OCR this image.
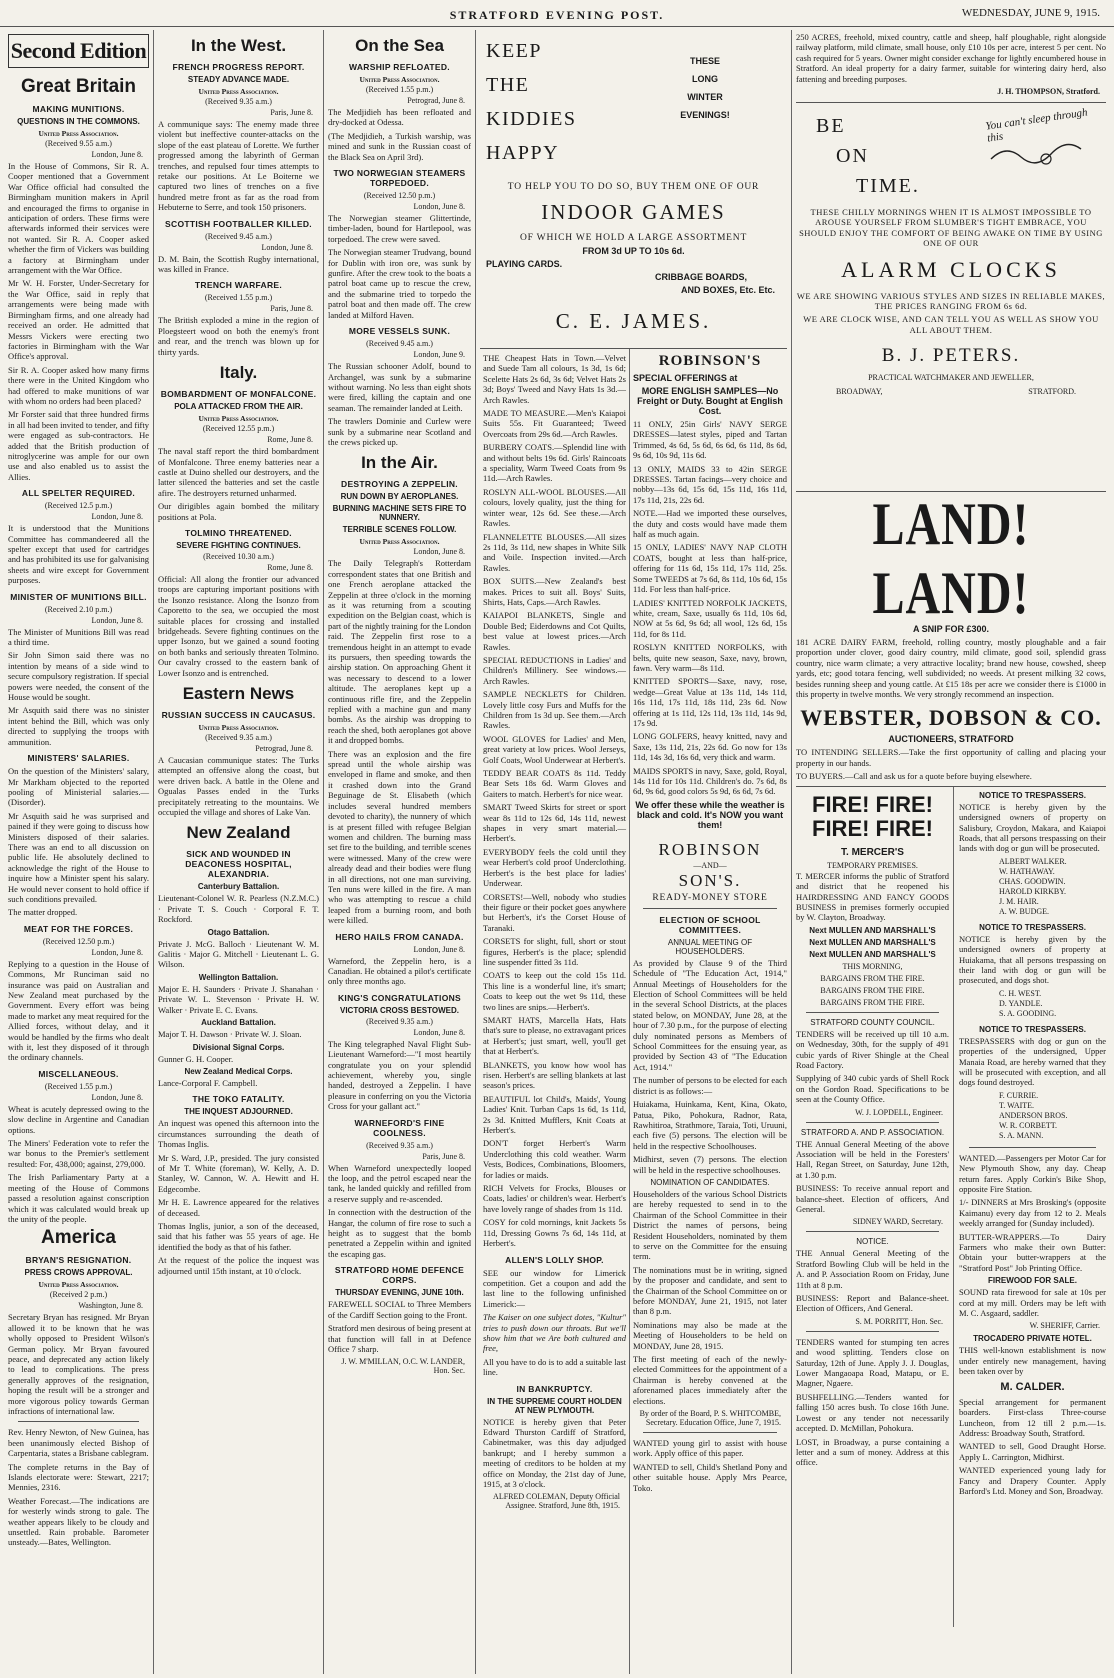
STRATFORD EVENING POST.	WEDNESDAY, JUNE 9, 1915.
Second Edition
Great Britain
MAKING MUNITIONS.
QUESTIONS IN THE COMMONS.
United Press Association.
(Received 9.55 a.m.)
London, June 8.

In the House of Commons, Sir R. A. Cooper mentioned that a Government War Office official had consulted the Birmingham munition makers in April and encouraged the firms to organise in anticipation of orders. These firms were afterwards informed their services were not wanted. Sir R. A. Cooper asked whether the firm of Vickers was building a factory at Birmingham under arrangement with the War Office.

Mr W. H. Forster, Under-Secretary for the War Office, said in reply that arrangements were being made with Birmingham firms, and one already had received an order. He admitted that Messrs Vickers were erecting two factories in Birmingham with the War Office's approval.

Sir R. A. Cooper asked how many firms there were in the United Kingdom who had offered to make munitions of war with whom no orders had been placed?

Mr Forster said that three hundred firms in all had been invited to tender, and fifty were engaged as sub-contractors. He added that the British production of nitroglycerine was ample for our own use and also enabled us to assist the Allies.

ALL SPELTER REQUIRED.
(Received 12.5 p.m.)
London, June 8.

It is understood that the Munitions Committee has commandeered all the spelter except that used for cartridges and has prohibited its use for galvanising sheets and wire except for Government purposes.

MINISTER OF MUNITIONS BILL.
(Received 2.10 p.m.)
London, June 8.

The Minister of Munitions Bill was read a third time.

Sir John Simon said there was no intention by means of a side wind to secure compulsory registration. If special powers were needed, the consent of the House would be sought.

Mr Asquith said there was no sinister intent behind the Bill, which was only directed to supplying the troops with ammunition.

MINISTERS' SALARIES.

On the question of the Ministers' salary, Mr Markham objected to the reported pooling of Ministerial salaries.—(Disorder).

Mr Asquith said he was surprised and pained if they were going to discuss how Ministers disposed of their salaries. There was an end to all discussion on public life. He absolutely declined to acknowledge the right of the House to inquire how a Minister spent his salary. He would never consent to hold office if such conditions prevailed.

The matter dropped.

MEAT FOR THE FORCES.
(Received 12.50 p.m.)
London, June 8.

Replying to a question in the House of Commons, Mr Runciman said no insurance was paid on Australian and New Zealand meat purchased by the Government. Every effort was being made to market any meat required for the Allied forces, without delay, and it would be handled by the firms who dealt with it, lest they disposed of it through the ordinary channels.

MISCELLANEOUS.
(Received 1.55 p.m.)
London, June 8.

Wheat is acutely depressed owing to the slow decline in Argentine and Canadian options.

The Miners' Federation vote to refer the war bonus to the Premier's settlement resulted: For, 438,000; against, 279,000.

The Irish Parliamentary Party at a meeting of the House of Commons passed a resolution against conscription which it was calculated would break up the unity of the people.

America
BRYAN'S RESIGNATION.
PRESS CROWS APPROVAL.
United Press Association.
(Received 2 p.m.)
Washington, June 8.

Secretary Bryan has resigned. Mr Bryan allowed it to be known that he was wholly opposed to President Wilson's German policy. Mr Bryan favoured peace, and deprecated any action likely to lead to complications. The press generally approves of the resignation, hoping the result will be a stronger and more vigorous policy towards German infractions of international law.

Rev. Henry Newton, of New Guinea, has been unanimously elected Bishop of Carpentaria, states a Brisbane cablegram.

The complete returns in the Bay of Islands electorate were: Stewart, 2217; Mennies, 2316.

Weather Forecast.—The indications are for westerly winds strong to gale. The weather appears likely to be cloudy and unsettled. Rain probable. Barometer unsteady.—Bates, Wellington.

In the West.
FRENCH PROGRESS REPORT.
STEADY ADVANCE MADE.
United Press Association.
(Received 9.35 a.m.)
Paris, June 8.

A communique says: The enemy made three violent but ineffective counter-attacks on the slope of the east plateau of Lorette. We further progressed among the labyrinth of German trenches, and repulsed four times attempts to retake our positions. At Le Boiterne we captured two lines of trenches on a five hundred metre front as far as the road from Hebuterne to Serre, and took 150 prisoners.

SCOTTISH FOOTBALLER KILLED.
(Received 9.45 a.m.)
London, June 8.

D. M. Bain, the Scottish Rugby international, was killed in France.

TRENCH WARFARE.
(Received 1.55 p.m.)
Paris, June 8.

The British exploded a mine in the region of Ploegsteert wood on both the enemy's front and rear, and the trench was blown up for thirty yards.

Italy.
BOMBARDMENT OF MONFALCONE.
POLA ATTACKED FROM THE AIR.
United Press Association.
(Received 12.55 p.m.)
Rome, June 8.

The naval staff report the third bombardment of Monfalcone. Three enemy batteries near a castle at Duino shelled our destroyers, and the latter silenced the batteries and set the castle afire. The destroyers returned unharmed.

Our dirigibles again bombed the military positions at Pola.

TOLMINO THREATENED.
SEVERE FIGHTING CONTINUES.
(Received 10.30 a.m.)
Rome, June 8.

Official: All along the frontier our advanced troops are capturing important positions with the Isonzo resistance. Along the Isonzo from Caporetto to the sea, we occupied the most suitable places for crossing and installed bridgeheads. Severe fighting continues on the upper Isonzo, but we gained a sound footing on both banks and seriously threaten Tolmino. Our cavalry crossed to the eastern bank of Lower Isonzo and is entrenched.

Eastern News
RUSSIAN SUCCESS IN CAUCASUS.
United Press Association.
(Received 9.35 a.m.)
Petrograd, June 8.

A Caucasian communique states: The Turks attempted an offensive along the coast, but were driven back. A battle in the Olene and Ogualas Passes ended in the Turks precipitately retreating to the mountains. We occupied the village and shores of Lake Van.

New Zealand
SICK AND WOUNDED IN DEACONESS HOSPITAL, ALEXANDRIA.
Canterbury Battalion.

Lieutenant-Colonel W. R. Pearless (N.Z.M.C.) · Private T. S. Couch · Corporal F. T. Rockford.

Otago Battalion.

Private J. McG. Balloch · Lieutenant W. M. Galitis · Major G. Mitchell · Lieutenant L. G. Wilson.

Wellington Battalion.

Major E. H. Saunders · Private J. Shanahan · Private W. L. Stevenson · Private H. W. Walker · Private E. C. Evans.

Auckland Battalion.

Major T. H. Dawson · Private W. J. Sloan.

Divisional Signal Corps.

Gunner G. H. Cooper.

New Zealand Medical Corps.

Lance-Corporal F. Campbell.

THE TOKO FATALITY.
THE INQUEST ADJOURNED.

An inquest was opened this afternoon into the circumstances surrounding the death of Thomas Inglis.

Mr S. Ward, J.P., presided. The jury consisted of Mr T. White (foreman), W. Kelly, A. D. Stanley, W. Cannon, W. A. Hewitt and H. Edgecombe.

Mr H. E. Lawrence appeared for the relatives of deceased.

Thomas Inglis, junior, a son of the deceased, said that his father was 55 years of age. He identified the body as that of his father.

At the request of the police the inquest was adjourned until 15th instant, at 10 o'clock.

On the Sea
WARSHIP REFLOATED.
United Press Association.
(Received 1.55 p.m.)
Petrograd, June 8.

The Medjidieh has been refloated and dry-docked at Odessa.

(The Medjidieh, a Turkish warship, was mined and sunk in the Russian coast of the Black Sea on April 3rd).

TWO NORWEGIAN STEAMERS TORPEDOED.
(Received 12.50 p.m.)
London, June 8.

The Norwegian steamer Glittertinde, timber-laden, bound for Hartlepool, was torpedoed. The crew were saved.

The Norwegian steamer Trudvang, bound for Dublin with iron ore, was sunk by gunfire. After the crew took to the boats a patrol boat came up to rescue the crew, and the submarine tried to torpedo the patrol boat and then made off. The crew landed at Milford Haven.

MORE VESSELS SUNK.
(Received 9.45 a.m.)
London, June 9.

The Russian schooner Adolf, bound to Archangel, was sunk by a submarine without warning. No less than eight shots were fired, killing the captain and one seaman. The remainder landed at Leith.

The trawlers Dominie and Curlew were sunk by a submarine near Scotland and the crews picked up.

In the Air.
DESTROYING A ZEPPELIN.
RUN DOWN BY AEROPLANES.
BURNING MACHINE SETS FIRE TO NUNNERY.
TERRIBLE SCENES FOLLOW.
United Press Association.
London, June 8.

The Daily Telegraph's Rotterdam correspondent states that one British and one French aeroplane attacked the Zeppelin at three o'clock in the morning as it was returning from a scouting expedition on the Belgian coast, which is part of the nightly training for the London raid. The Zeppelin first rose to a tremendous height in an attempt to evade its pursuers, then speeding towards the airship station. On approaching Ghent it was necessary to descend to a lower altitude. The aeroplanes kept up a continuous rifle fire, and the Zeppelin replied with a machine gun and many bombs. As the airship was dropping to reach the shed, both aeroplanes got above it and dropped bombs.

There was an explosion and the fire spread until the whole airship was enveloped in flame and smoke, and then it crashed down into the Grand Beguinage de St. Elisabeth (which includes several hundred members devoted to charity), the nunnery of which is at present filled with refugee Belgian women and children. The burning mass set fire to the building, and terrible scenes were witnessed. Many of the crew were already dead and their bodies were flung in all directions, not one man surviving. Ten nuns were killed in the fire. A man who was attempting to rescue a child leaped from a burning room, and both were killed.

HERO HAILS FROM CANADA.
London, June 8.

Warneford, the Zeppelin hero, is a Canadian. He obtained a pilot's certificate only three months ago.

KING'S CONGRATULATIONS
VICTORIA CROSS BESTOWED.
(Received 9.35 a.m.)
London, June 8.

The King telegraphed Naval Flight Sub-Lieutenant Warneford:—"I most heartily congratulate you on your splendid achievement, whereby you, single handed, destroyed a Zeppelin. I have pleasure in conferring on you the Victoria Cross for your gallant act."

WARNEFORD'S FINE COOLNESS.
(Received 9.35 a.m.)
Paris, June 8.

When Warneford unexpectedly looped the loop, and the petrol escaped near the tank, he landed quickly and refilled from a reserve supply and re-ascended.

In connection with the destruction of the Hangar, the column of fire rose to such a height as to suggest that the bomb penetrated a Zeppelin within and ignited the escaping gas.

STRATFORD HOME DEFENCE CORPS.
THURSDAY EVENING, JUNE 10th.

FAREWELL SOCIAL to Three Members of the Cardiff Section going to the Front.

Stratford men desirous of being present at that function will fall in at Defence Office 7 sharp.

J. W. M'MILLAN, O.C. W. LANDER, Hon. Sec.
KEEP
THE
KIDDIES
HAPPY
THESE
LONG
WINTER
EVENINGS!
TO HELP YOU TO DO SO, BUY THEM ONE OF OUR
INDOOR GAMES
OF WHICH WE HOLD A LARGE ASSORTMENT
FROM 3d UP TO 10s 6d.
PLAYING CARDS.
CRIBBAGE BOARDS,
AND BOXES, Etc. Etc.
C. E. JAMES.

THE Cheapest Hats in Town.—Velvet and Suede Tam all colours, 1s 3d, 1s 6d; Scelette Hats 2s 6d, 3s 6d; Velvet Hats 2s 3d; Boys' Tweed and Navy Hats 1s 3d.—Arch Rawles.

MADE TO MEASURE.—Men's Kaiapoi Suits 55s. Fit Guaranteed; Tweed Overcoats from 29s 6d.—Arch Rawles.

BURBERY COATS.—Splendid line with and without belts 19s 6d. Girls' Raincoats a speciality, Warm Tweed Coats from 9s 11d.—Arch Rawles.

ROSLYN ALL-WOOL BLOUSES.—All colours, lovely quality, just the thing for winter wear, 12s 6d. See these.—Arch Rawles.

FLANNELETTE BLOUSES.—All sizes 2s 11d, 3s 11d, new shapes in White Silk and Voile. Inspection invited.—Arch Rawles.

BOX SUITS.—New Zealand's best makes. Prices to suit all. Boys' Suits, Shirts, Hats, Caps.—Arch Rawles.

KAIAPOI BLANKETS, Single and Double Bed; Eiderdowns and Cot Quilts, best value at lowest prices.—Arch Rawles.

SPECIAL REDUCTIONS in Ladies' and Children's Millinery. See windows.—Arch Rawles.

SAMPLE NECKLETS for Children. Lovely little cosy Furs and Muffs for the Children from 1s 3d up. See them.—Arch Rawles.

WOOL GLOVES for Ladies' and Men, great variety at low prices. Wool Jerseys, Golf Coats, Wool Underwear at Herbert's.

TEDDY BEAR COATS 8s 11d. Teddy Bear Sets 18s 6d. Warm Gloves and Gaiters to match. Herbert's for nice wear.

SMART Tweed Skirts for street or sport wear 8s 11d to 12s 6d, 14s 11d, newest shapes in very smart material.—Herbert's.

EVERYBODY feels the cold until they wear Herbert's cold proof Underclothing. Herbert's is the best place for ladies' Underwear.

CORSETS!—Well, nobody who studies their figure or their pocket goes anywhere but Herbert's, it's the Corset House of Taranaki.

CORSETS for slight, full, short or stout figures, Herbert's is the place; splendid line suspender fitted 3s 11d.

COATS to keep out the cold 15s 11d. This line is a wonderful line, it's smart; Coats to keep out the wet 9s 11d, these two lines are snips.—Herbert's.

SMART HATS, Marcella Hats, Hats that's sure to please, no extravagant prices at Herbert's; just smart, well, you'll get that at Herbert's.

BLANKETS, you know how wool has risen. Herbert's are selling blankets at last season's prices.

BEAUTIFUL lot Child's, Maids', Young Ladies' Knit. Turban Caps 1s 6d, 1s 11d, 2s 3d. Knitted Mufflers, Knit Coats at Herbert's.

DON'T forget Herbert's Warm Underclothing this cold weather. Warm Vests, Bodices, Combinations, Bloomers, for ladies or maids.

RICH Velvets for Frocks, Blouses or Coats, ladies' or children's wear. Herbert's have lovely range of shades from 1s 11d.

COSY for cold mornings, knit Jackets 5s 11d, Dressing Gowns 7s 6d, 14s 11d, at Herbert's.

ALLEN'S LOLLY SHOP.

SEE our window for Limerick competition. Get a coupon and add the last line to the following unfinished Limerick:—

The Kaiser on one subject dotes, "Kultur" tries to push down our throats. But we'll show him that we Are both cultured and free,

All you have to do is to add a suitable last line.

IN BANKRUPTCY.
IN THE SUPREME COURT HOLDEN AT NEW PLYMOUTH.

NOTICE is hereby given that Peter Edward Thurston Cardiff of Stratford, Cabinetmaker, was this day adjudged bankrupt; and I hereby summon a meeting of creditors to be holden at my office on Monday, the 21st day of June, 1915, at 3 o'clock.

ALFRED COLEMAN, Deputy Official Assignee. Stratford, June 8th, 1915.
ROBINSON'S
SPECIAL OFFERINGS at
MORE ENGLISH SAMPLES—No Freight or Duty. Bought at English Cost.

11 ONLY, 25in Girls' NAVY SERGE DRESSES—latest styles, piped and Tartan Trimmed, 4s 6d, 5s 6d, 6s 6d, 6s 11d, 8s 6d, 9s 6d, 10s 9d, 11s 6d.

13 ONLY, MAIDS 33 to 42in SERGE DRESSES. Tartan facings—very choice and nobby—13s 6d, 15s 6d, 15s 11d, 16s 11d, 17s 11d, 21s, 22s 6d.

NOTE.—Had we imported these ourselves, the duty and costs would have made them half as much again.

15 ONLY, LADIES' NAVY NAP CLOTH COATS, bought at less than half-price, offering for 11s 6d, 15s 11d, 17s 11d, 25s. Some TWEEDS at 7s 6d, 8s 11d, 10s 6d, 15s 11d. For less than half-price.

LADIES' KNITTED NORFOLK JACKETS, white, cream, Saxe, usually 6s 11d, 10s 6d, NOW at 5s 6d, 9s 6d; all wool, 12s 6d, 15s 11d, for 8s 11d.

ROSLYN KNITTED NORFOLKS, with belts, quite new season, Saxe, navy, brown, fawn. Very warm—8s 11d.

KNITTED SPORTS—Saxe, navy, rose, wedge—Great Value at 13s 11d, 14s 11d, 16s 11d, 17s 11d, 18s 11d, 23s 6d. Now offering at 1s 11d, 12s 11d, 13s 11d, 14s 9d, 17s 9d.

LONG GOLFERS, heavy knitted, navy and Saxe, 13s 11d, 21s, 22s 6d. Go now for 13s 11d, 14s 3d, 16s 6d, very thick and warm.

MAIDS SPORTS in navy, Saxe, gold, Royal, 14s 11d for 10s 11d. Children's do. 7s 6d, 8s 6d, 9s 6d, good colors 5s 9d, 6s 6d, 7s 6d.

We offer these while the weather is black and cold. It's NOW you want them!
ROBINSON
—AND—
SON'S.
READY-MONEY STORE
ELECTION OF SCHOOL COMMITTEES.
ANNUAL MEETING OF HOUSEHOLDERS.

As provided by Clause 9 of the Third Schedule of "The Education Act, 1914," Annual Meetings of Householders for the Election of School Committees will be held in the several School Districts, at the places stated below, on MONDAY, June 28, at the hour of 7.30 p.m., for the purpose of electing duly nominated persons as Members of School Committees for the ensuing year, as provided by Section 43 of "The Education Act, 1914."

The number of persons to be elected for each district is as follows:—

Huiakama, Huinkama, Kent, Kina, Okato, Patua, Piko, Pohokura, Radnor, Rata, Rawhitiroa, Strathmore, Taraia, Toti, Uruuni, each five (5) persons. The election will be held in the respective Schoolhouses.

Midhirst, seven (7) persons. The election will be held in the respective schoolhouses.

NOMINATION OF CANDIDATES.

Householders of the various School Districts are hereby requested to send in to the Chairman of the School Committee in their District the names of persons, being Resident Householders, nominated by them to serve on the Committee for the ensuing term.

The nominations must be in writing, signed by the proposer and candidate, and sent to the Chairman of the School Committee on or before MONDAY, June 21, 1915, not later than 8 p.m.

Nominations may also be made at the Meeting of Householders to be held on MONDAY, June 28, 1915.

The first meeting of each of the newly-elected Committees for the appointment of a Chairman is hereby convened at the aforenamed places immediately after the elections.

By order of the Board, P. S. WHITCOMBE, Secretary. Education Office, June 7, 1915.

WANTED young girl to assist with house work. Apply office of this paper.

WANTED to sell, Child's Shetland Pony and other suitable house. Apply Mrs Pearce, Toko.

250 ACRES, freehold, mixed country, cattle and sheep, half ploughable, right alongside railway platform, mild climate, small house, only £10 10s per acre, interest 5 per cent. No cash required for 5 years. Owner might consider exchange for lightly encumbered house in Stratford. An ideal property for a dairy farmer, suitable for wintering dairy herd, also fattening and breeding purposes.

J. H. THOMPSON, Stratford.
BE
ON
TIME.
You can't sleep through this

THESE CHILLY MORNINGS WHEN IT IS ALMOST IMPOSSIBLE TO AROUSE YOURSELF FROM SLUMBER'S TIGHT EMBRACE, YOU SHOULD ENJOY THE COMFORT OF BEING AWAKE ON TIME BY USING ONE OF OUR

ALARM CLOCKS

WE ARE SHOWING VARIOUS STYLES AND SIZES IN RELIABLE MAKES, THE PRICES RANGING FROM 6s 6d.

WE ARE CLOCK WISE, AND CAN TELL YOU AS WELL AS SHOW YOU ALL ABOUT THEM.

B. J. PETERS.
PRACTICAL WATCHMAKER AND JEWELLER,
BROADWAY,	STRATFORD.
LAND! LAND!
A SNIP FOR £300.

181 ACRE DAIRY FARM, freehold, rolling country, mostly ploughable and a fair proportion under clover, good dairy country, mild climate, good soil, splendid grass country, nice warm climate; a very attractive locality; brand new house, cowshed, sheep yards, etc; good totara fencing, well subdivided; no weeds. At present milking 32 cows, besides running sheep and young cattle. At £15 18s per acre we consider there is £1000 in this property in twelve months. We very strongly recommend an inspection.

WEBSTER, DOBSON & CO.
AUCTIONEERS, STRATFORD

TO INTENDING SELLERS.—Take the first opportunity of calling and placing your property in our hands.

TO BUYERS.—Call and ask us for a quote before buying elsewhere.

FIRE! FIRE! FIRE! FIRE!
T. MERCER'S
TEMPORARY PREMISES.

T. MERCER informs the public of Stratford and district that he reopened his HAIRDRESSING AND FANCY GOODS BUSINESS in premises formerly occupied by W. Clayton, Broadway.

Next MULLEN AND MARSHALL'S
Next MULLEN AND MARSHALL'S
Next MULLEN AND MARSHALL'S
THIS MORNING,
BARGAINS FROM THE FIRE.
BARGAINS FROM THE FIRE.
BARGAINS FROM THE FIRE.
STRATFORD COUNTY COUNCIL.

TENDERS will be received up till 10 a.m. on Wednesday, 30th, for the supply of 491 cubic yards of River Shingle at the Cheal Road Factory.

Supplying of 340 cubic yards of Shell Rock on the Gordon Road. Specifications to be seen at the County Office.

W. J. LOPDELL, Engineer.
STRATFORD A. AND P. ASSOCIATION.

THE Annual General Meeting of the above Association will be held in the Foresters' Hall, Regan Street, on Saturday, June 12th, at 1.30 p.m.

BUSINESS: To receive annual report and balance-sheet. Election of officers, And General.

SIDNEY WARD, Secretary.
NOTICE.

THE Annual General Meeting of the Stratford Bowling Club will be held in the A. and P. Association Room on Friday, June 11th at 8 p.m.

BUSINESS: Report and Balance-sheet. Election of Officers, And General.

S. M. PORRITT, Hon. Sec.

TENDERS wanted for stumping ten acres and wood splitting. Tenders close on Saturday, 12th of June. Apply J. J. Douglas, Lower Mangaoapa Road, Matapu, or E. Magner, Ngaere.

BUSHFELLING.—Tenders wanted for falling 150 acres bush. To close 16th June. Lowest or any tender not necessarily accepted. D. McMillan, Pohokura.

LOST, in Broadway, a purse containing a letter and a sum of money. Address at this office.

NOTICE TO TRESPASSERS.

NOTICE is hereby given by the undersigned owners of property on Salisbury, Croydon, Makara, and Kaiapoi Roads, that all persons trespassing on their lands with dog or gun will be prosecuted.

ALBERT WALKER.
W. HATHAWAY.
CHAS. GOODWIN.
HAROLD KIRKBY.
J. M. HAIR.
A. W. BUDGE.
NOTICE TO TRESPASSERS.

NOTICE is hereby given by the undersigned owners of property at Huiakama, that all persons trespassing on their land with dog or gun will be prosecuted, and dogs shot.

C. H. WEST.
D. YANDLE.
S. A. GOODING.
NOTICE TO TRESPASSERS.

TRESPASSERS with dog or gun on the properties of the undersigned, Upper Manaia Road, are hereby warned that they will be prosecuted with exception, and all dogs found destroyed.

F. CURRIE.
T. WAITE.
ANDERSON BROS.
W. R. CORBETT.
S. A. MANN.

WANTED.—Passengers per Motor Car for New Plymouth Show, any day. Cheap return fares. Apply Corkin's Bike Shop, opposite Fire Station.

1/- DINNERS at Mrs Brosking's (opposite Kaimanu) every day from 12 to 2. Meals weekly arranged for (Sunday included).

BUTTER-WRAPPERS.—To Dairy Farmers who make their own Butter: Obtain your butter-wrappers at the "Stratford Post" Job Printing Office.

FIREWOOD FOR SALE.

SOUND rata firewood for sale at 10s per cord at my mill. Orders may be left with M. C. Asgaard, saddler.

W. SHERIFF, Carrier.
TROCADERO PRIVATE HOTEL.

THIS well-known establishment is now under entirely new management, having been taken over by

M. CALDER.

Special arrangement for permanent boarders. First-class Three-course Luncheon, from 12 till 2 p.m.—1s. Address: Broadway South, Stratford.

WANTED to sell, Good Draught Horse. Apply L. Carrington, Midhirst.

WANTED experienced young lady for Fancy and Drapery Counter. Apply Barford's Ltd. Money and Son, Broadway.
